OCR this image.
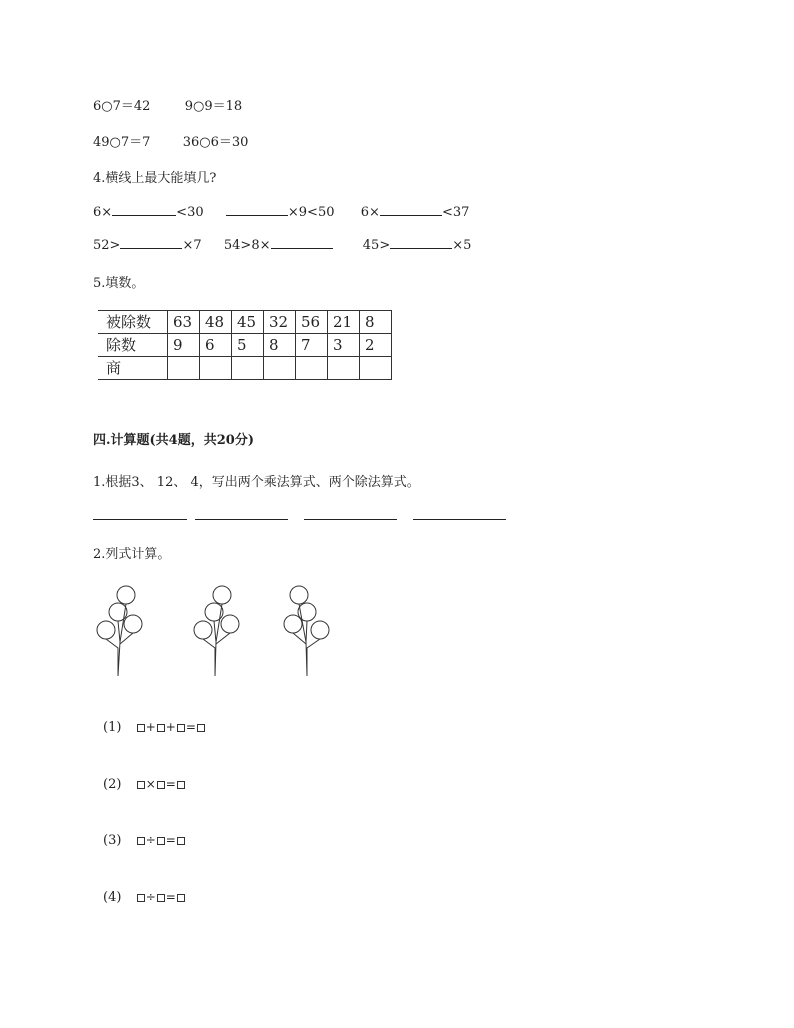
6○7＝42	9○9＝18
49○7＝7 36○6＝30
4.横线上最大能填几?
6×	<30	×9<50 6×	<37
52>	×7 54>8×	45>	×5
5.填数。
被除数	63	48	45	32	56	21	8
除数	9	6	5	8	7	3	2
商							
四.计算题(共4题，共20分)
1.根据3、 12、 4，写出两个乘法算式、两个除法算式。
2.列式计算。
(1) + + =
(2) × =
(3) ÷ =
(4) ÷ =
